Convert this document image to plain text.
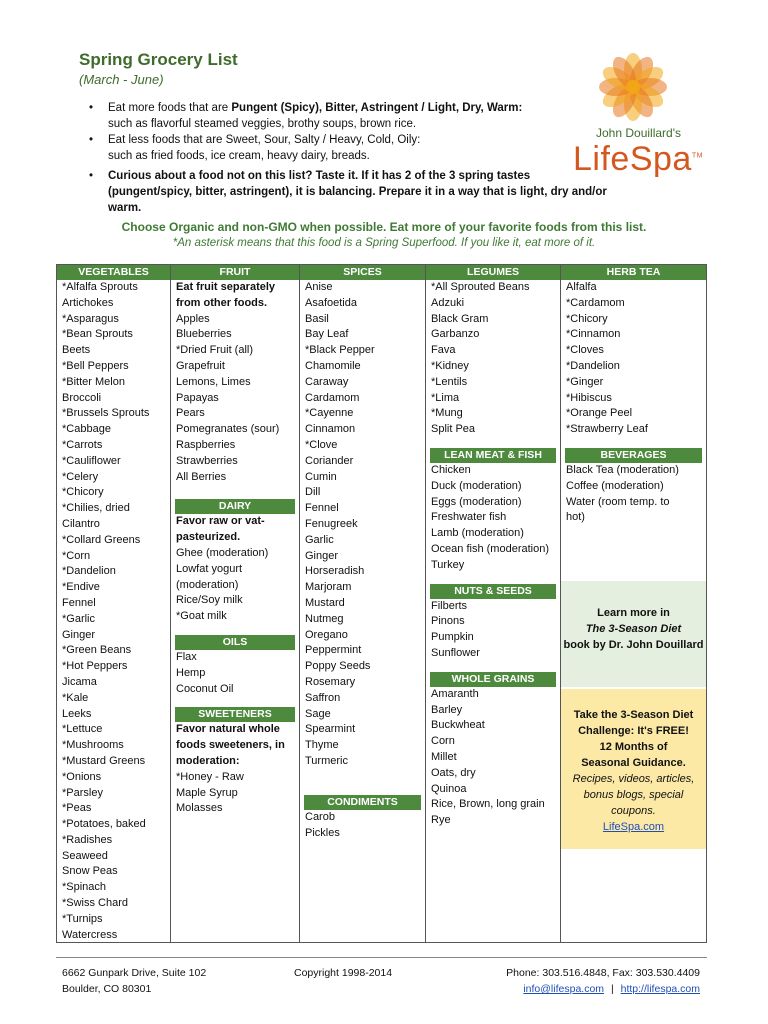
Spring Grocery List
(March - June)
John Douillard's
LifeSpa™
• Eat more foods that are Pungent (Spicy), Bitter, Astringent / Light, Dry, Warm:
such as flavorful steamed veggies, brothy soups, brown rice.
• Eat less foods that are Sweet, Sour, Salty / Heavy, Cold, Oily:
such as fried foods, ice cream, heavy dairy, breads.
• Curious about a food not on this list? Taste it. If it has 2 of the 3 spring tastes
(pungent/spicy, bitter, astringent), it is balancing. Prepare it in a way that is light, dry and/or warm.
Choose Organic and non-GMO when possible. Eat more of your favorite foods from this list.
*An asterisk means that this food is a Spring Superfood. If you like it, eat more of it.
VEGETABLES
*Alfalfa Sprouts
Artichokes
*Asparagus
*Bean Sprouts
Beets
*Bell Peppers
*Bitter Melon
Broccoli
*Brussels Sprouts
*Cabbage
*Carrots
*Cauliflower
*Celery
*Chicory
*Chilies, dried
Cilantro
*Collard Greens
*Corn
*Dandelion
*Endive
Fennel
*Garlic
Ginger
*Green Beans
*Hot Peppers
Jicama
*Kale
Leeks
*Lettuce
*Mushrooms
*Mustard Greens
*Onions
*Parsley
*Peas
*Potatoes, baked
*Radishes
Seaweed
Snow Peas
*Spinach
*Swiss Chard
*Turnips
Watercress
FRUIT
Eat fruit separately from other foods.
Apples
Blueberries
*Dried Fruit (all)
Grapefruit
Lemons, Limes
Papayas
Pears
Pomegranates (sour)
Raspberries
Strawberries
All Berries
DAIRY
Favor raw or vat-pasteurized.
Ghee (moderation)
Lowfat yogurt
(moderation)
Rice/Soy milk
*Goat milk
OILS
Flax
Hemp
Coconut Oil
SWEETENERS
Favor natural whole foods sweeteners, in moderation:
*Honey - Raw
Maple Syrup
Molasses
SPICES
Anise
Asafoetida
Basil
Bay Leaf
*Black Pepper
Chamomile
Caraway
Cardamom
*Cayenne
Cinnamon
*Clove
Coriander
Cumin
Dill
Fennel
Fenugreek
Garlic
Ginger
Horseradish
Marjoram
Mustard
Nutmeg
Oregano
Peppermint
Poppy Seeds
Rosemary
Saffron
Sage
Spearmint
Thyme
Turmeric
CONDIMENTS
Carob
Pickles
LEGUMES
*All Sprouted Beans
Adzuki
Black Gram
Garbanzo
Fava
*Kidney
*Lentils
*Lima
*Mung
Split Pea
LEAN MEAT & FISH
Chicken
Duck (moderation)
Eggs (moderation)
Freshwater fish
Lamb (moderation)
Ocean fish (moderation)
Turkey
NUTS & SEEDS
Filberts
Pinons
Pumpkin
Sunflower
WHOLE GRAINS
Amaranth
Barley
Buckwheat
Corn
Millet
Oats, dry
Quinoa
Rice, Brown, long grain
Rye
HERB TEA
Alfalfa
*Cardamom
*Chicory
*Cinnamon
*Cloves
*Dandelion
*Ginger
*Hibiscus
*Orange Peel
*Strawberry Leaf
BEVERAGES
Black Tea (moderation)
Coffee (moderation)
Water (room temp. to hot)
Learn more in
The 3-Season Diet
book by Dr. John Douillard
Take the 3-Season Diet
Challenge: It's FREE!
12 Months of
Seasonal Guidance.
Recipes, videos, articles,
bonus blogs, special
coupons.
LifeSpa.com
6662 Gunpark Drive, Suite 102
Boulder, CO 80301
Copyright 1998-2014	Phone: 303.516.4848, Fax: 303.530.4409
info@lifespa.com | http://lifespa.com
